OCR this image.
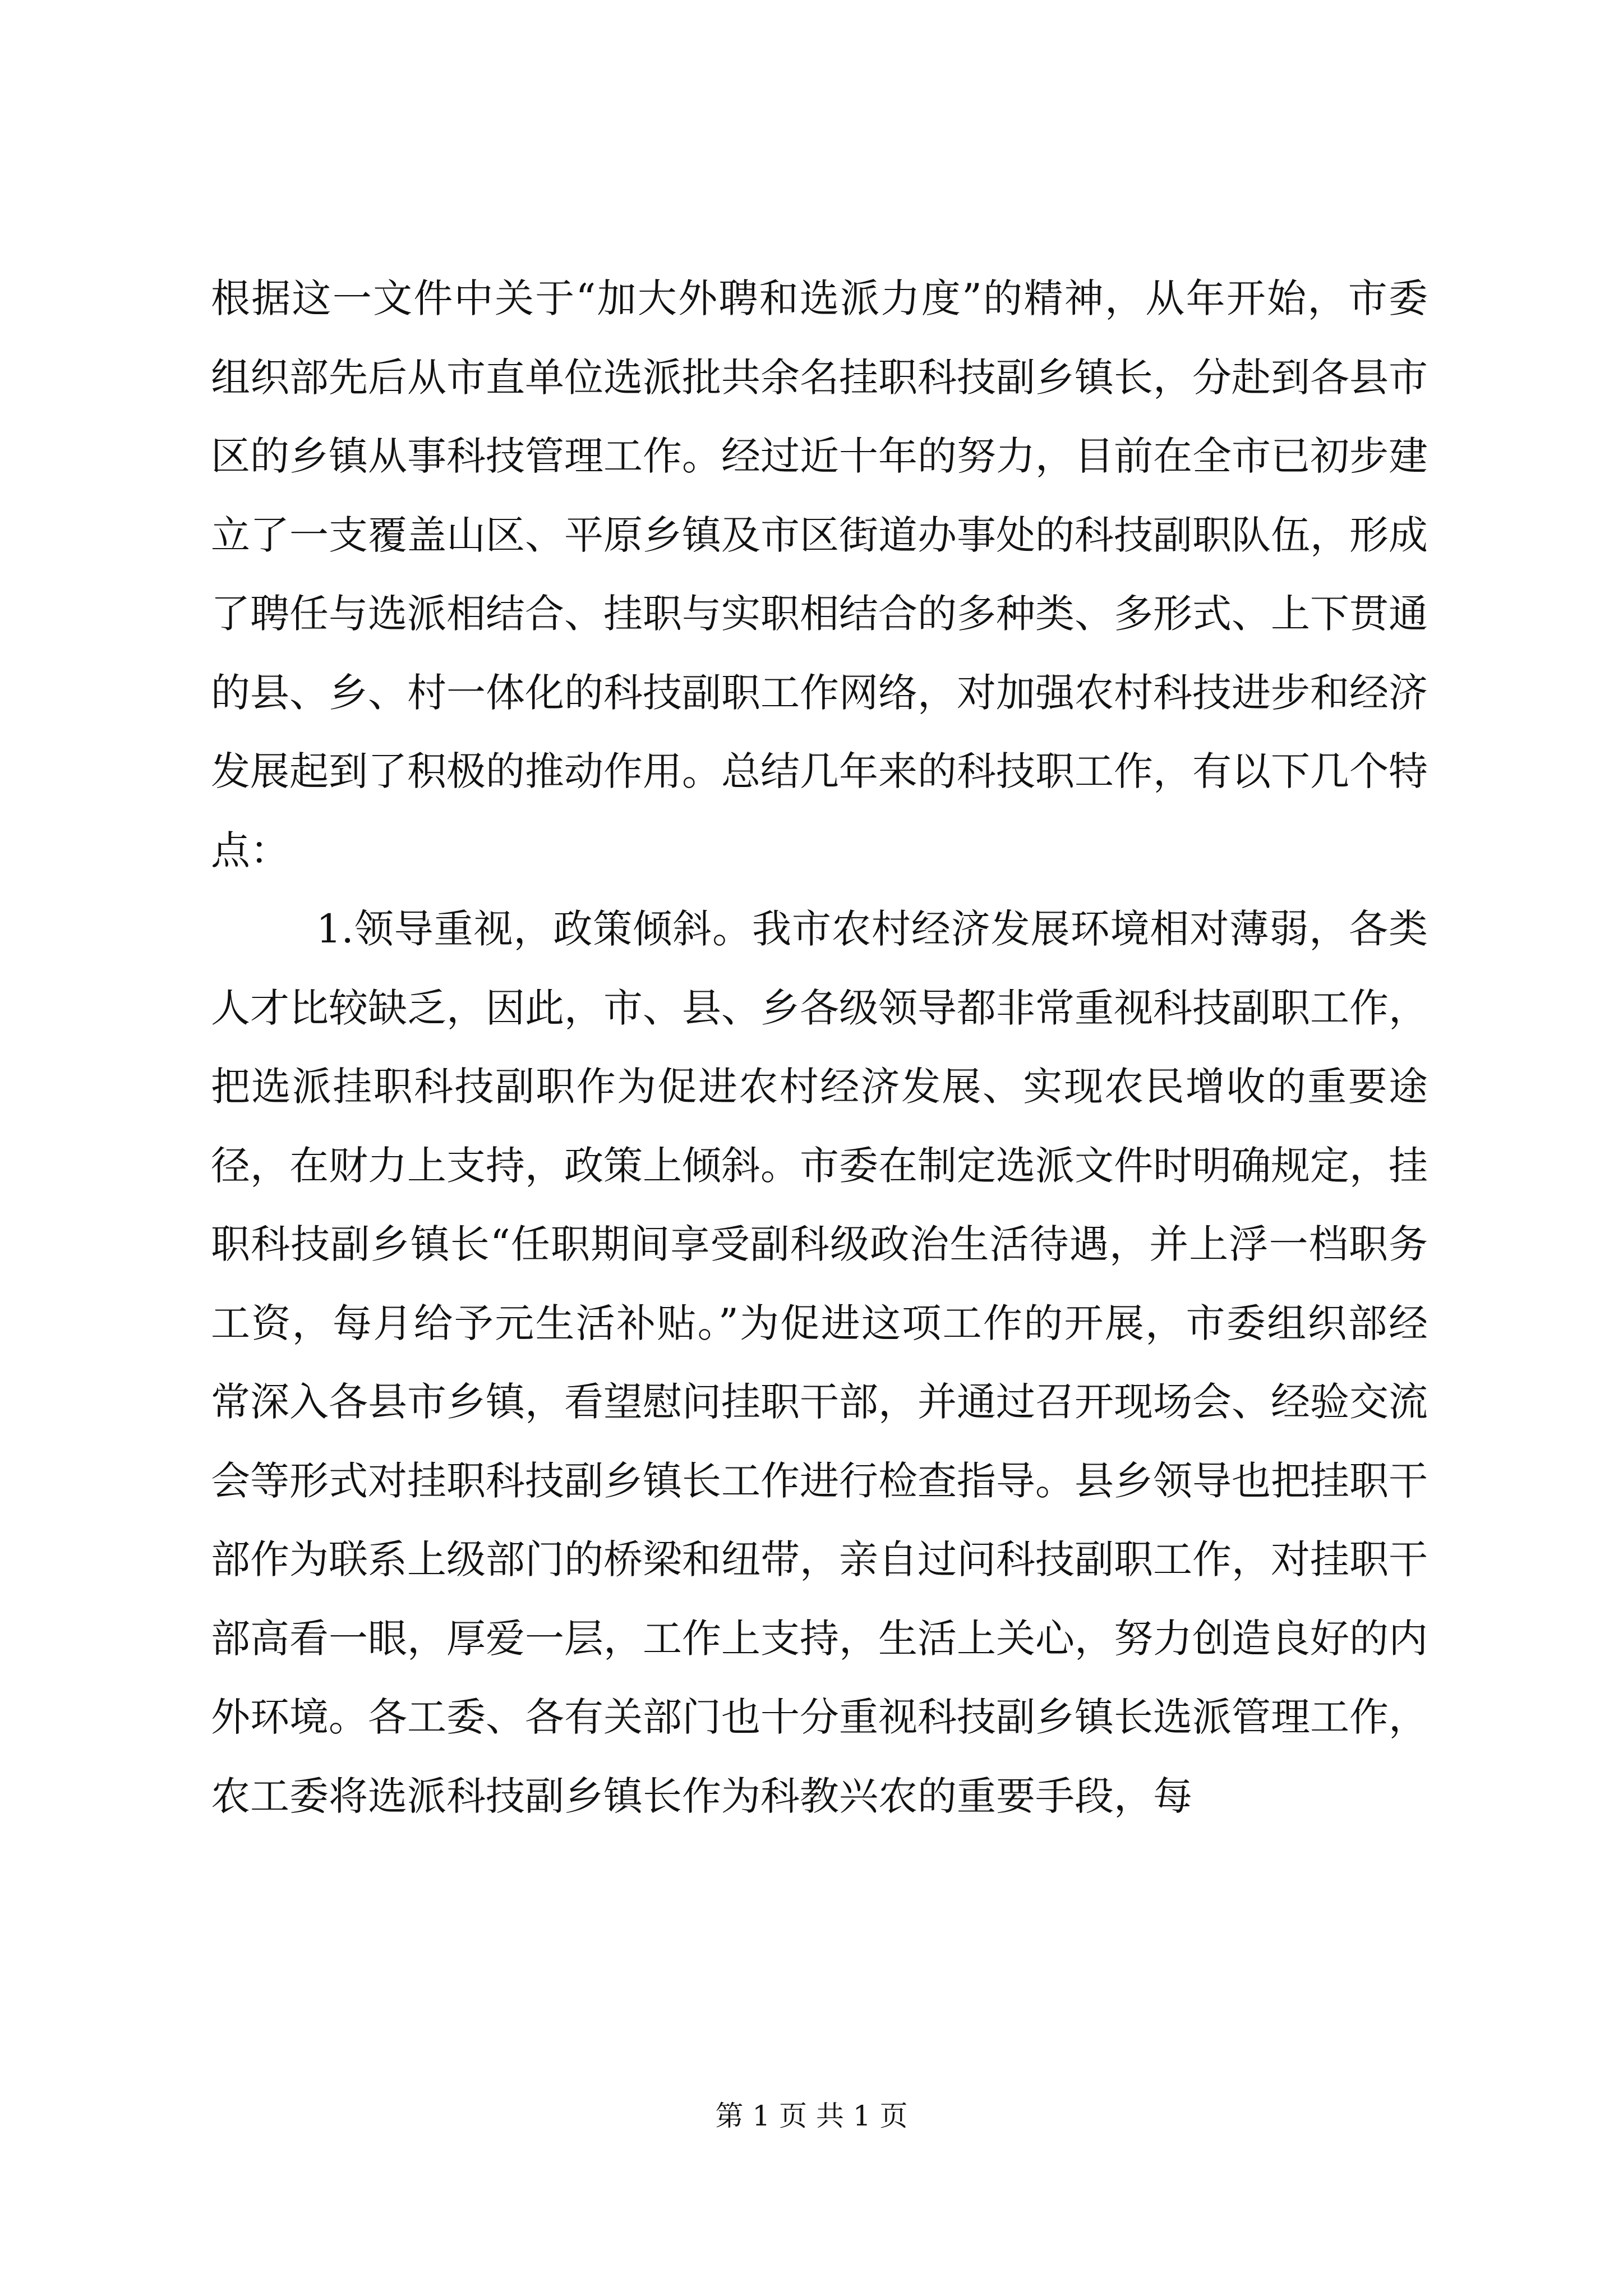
根据这一文件中关于“加大外聘和选派力度”的精神，从年开始，市委组织部先后从市直单位选派批共余名挂职科技副乡镇长，分赴到各县市区的乡镇从事科技管理工作。经过近十年的努力，目前在全市已初步建立了一支覆盖山区、平原乡镇及市区街道办事处的科技副职队伍，形成了聘任与选派相结合、挂职与实职相结合的多种类、多形式、上下贯通的县、乡、村一体化的科技副职工作网络，对加强农村科技进步和经济发展起到了积极的推动作用。总结几年来的科技职工作，有以下几个特点：

1.领导重视，政策倾斜。我市农村经济发展环境相对薄弱，各类人才比较缺乏，因此，市、县、乡各级领导都非常重视科技副职工作，把选派挂职科技副职作为促进农村经济发展、实现农民增收的重要途径，在财力上支持，政策上倾斜。市委在制定选派文件时明确规定，挂职科技副乡镇长“任职期间享受副科级政治生活待遇，并上浮一档职务工资，每月给予元生活补贴。”为促进这项工作的开展，市委组织部经常深入各县市乡镇，看望慰问挂职干部，并通过召开现场会、经验交流会等形式对挂职科技副乡镇长工作进行检查指导。县乡领导也把挂职干部作为联系上级部门的桥梁和纽带，亲自过问科技副职工作，对挂职干部高看一眼，厚爱一层，工作上支持，生活上关心，努力创造良好的内外环境。各工委、各有关部门也十分重视科技副乡镇长选派管理工作，农工委将选派科技副乡镇长作为科教兴农的重要手段，每

第 1 页 共 1 页
